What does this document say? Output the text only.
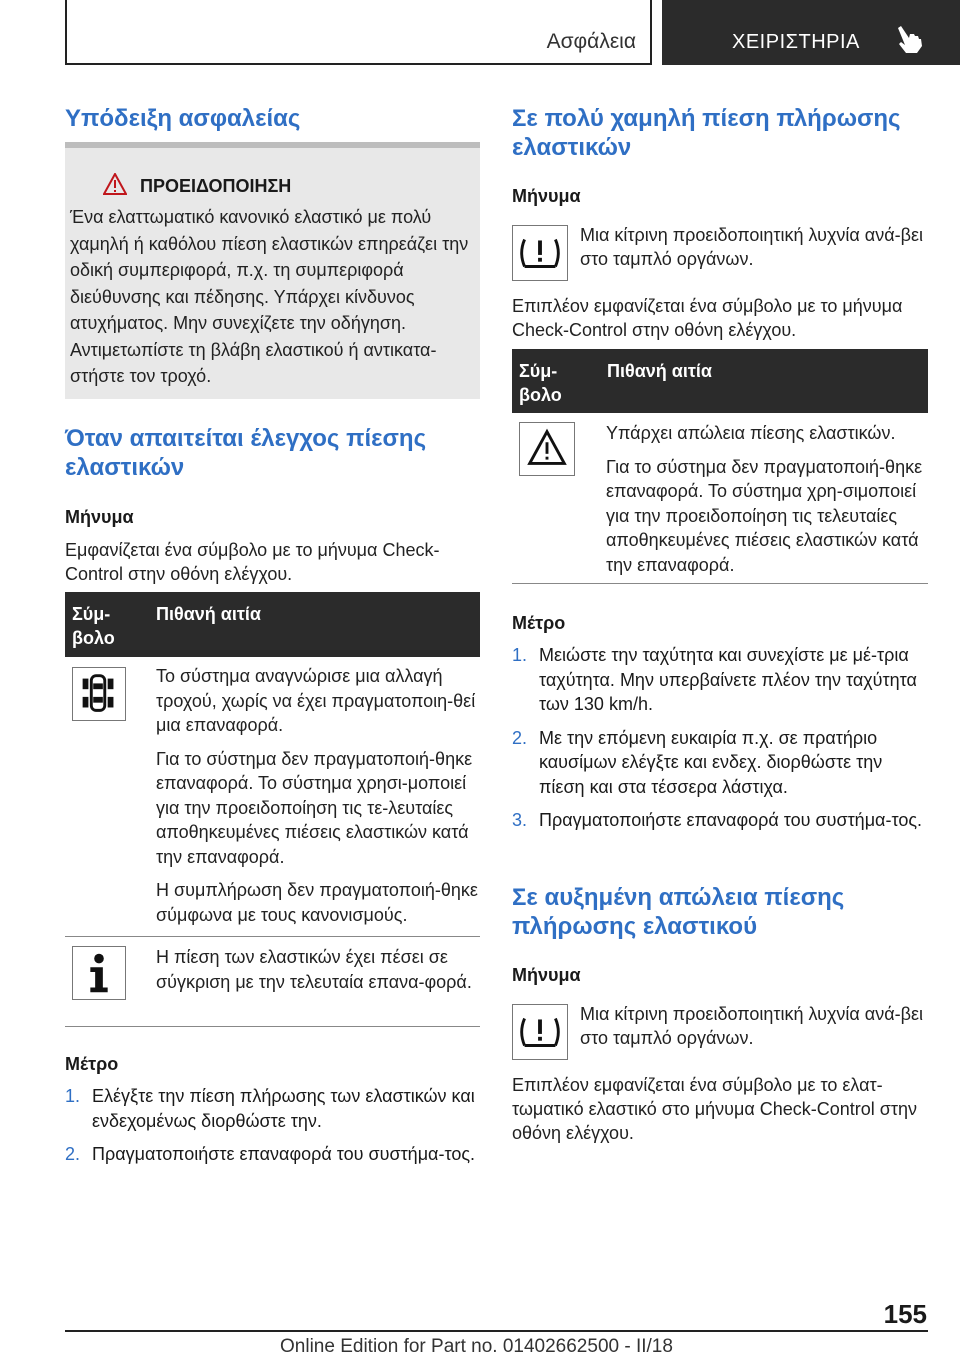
Ασφάλεια	ΧΕΙΡΙΣΤΗΡΙΑ
Υπόδειξη ασφαλείας
ΠΡΟΕΙΔΟΠΟΙΗΣΗ
Ένα ελαττωματικό κανονικό ελαστικό με πολύ χαμηλή ή καθόλου πίεση ελαστικών επηρεάζει την οδική συμπεριφορά, π.χ. τη συμπεριφορά διεύθυνσης και πέδησης. Υπάρχει κίνδυνος ατυχήματος. Μην συνεχίζετε την οδήγηση. Αντιμετωπίστε τη βλάβη ελαστικού ή αντικατα-στήστε τον τροχό.
Όταν απαιτείται έλεγχος πίεσης ελαστικών
Μήνυμα

Εμφανίζεται ένα σύμβολο με το μήνυμα Check-Control στην οθόνη ελέγχου.

Σύμ-βολο
Πιθανή αιτία

Το σύστημα αναγνώρισε μια αλλαγή τροχού, χωρίς να έχει πραγματοποιη-θεί μια επαναφορά.

Για το σύστημα δεν πραγματοποιή-θηκε επαναφορά. Το σύστημα χρησι-μοποιεί για την προειδοποίηση τις τε-λευταίες αποθηκευμένες πιέσεις ελαστικών κατά την επαναφορά.

Η συμπλήρωση δεν πραγματοποιή-θηκε σύμφωνα με τους κανονισμούς.

Η πίεση των ελαστικών έχει πέσει σε σύγκριση με την τελευταία επανα-φορά.

Μέτρο
1. Ελέγξτε την πίεση πλήρωσης των ελαστικών και ενδεχομένως διορθώστε την.
2. Πραγματοποιήστε επαναφορά του συστήμα-τος.
Σε πολύ χαμηλή πίεση πλήρωσης ελαστικών
Μήνυμα

Μια κίτρινη προειδοποιητική λυχνία ανά-βει στο ταμπλό οργάνων.

Επιπλέον εμφανίζεται ένα σύμβολο με το μήνυμα Check-Control στην οθόνη ελέγχου.

Σύμ-βολο
Πιθανή αιτία

Υπάρχει απώλεια πίεσης ελαστικών.

Για το σύστημα δεν πραγματοποιή-θηκε επαναφορά. Το σύστημα χρη-σιμοποιεί για την προειδοποίηση τις τελευταίες αποθηκευμένες πιέσεις ελαστικών κατά την επαναφορά.

Μέτρο
1. Μειώστε την ταχύτητα και συνεχίστε με μέ-τρια ταχύτητα. Μην υπερβαίνετε πλέον την ταχύτητα των 130 km/h.
2. Με την επόμενη ευκαιρία π.χ. σε πρατήριο καυσίμων ελέγξτε και ενδεχ. διορθώστε την πίεση και στα τέσσερα λάστιχα.
3. Πραγματοποιήστε επαναφορά του συστήμα-τος.
Σε αυξημένη απώλεια πίεσης πλήρωσης ελαστικού
Μήνυμα

Μια κίτρινη προειδοποιητική λυχνία ανά-βει στο ταμπλό οργάνων.

Επιπλέον εμφανίζεται ένα σύμβολο με το ελατ-τωματικό ελαστικό στο μήνυμα Check-Control στην οθόνη ελέγχου.

155
Online Edition for Part no. 01402662500 - II/18
